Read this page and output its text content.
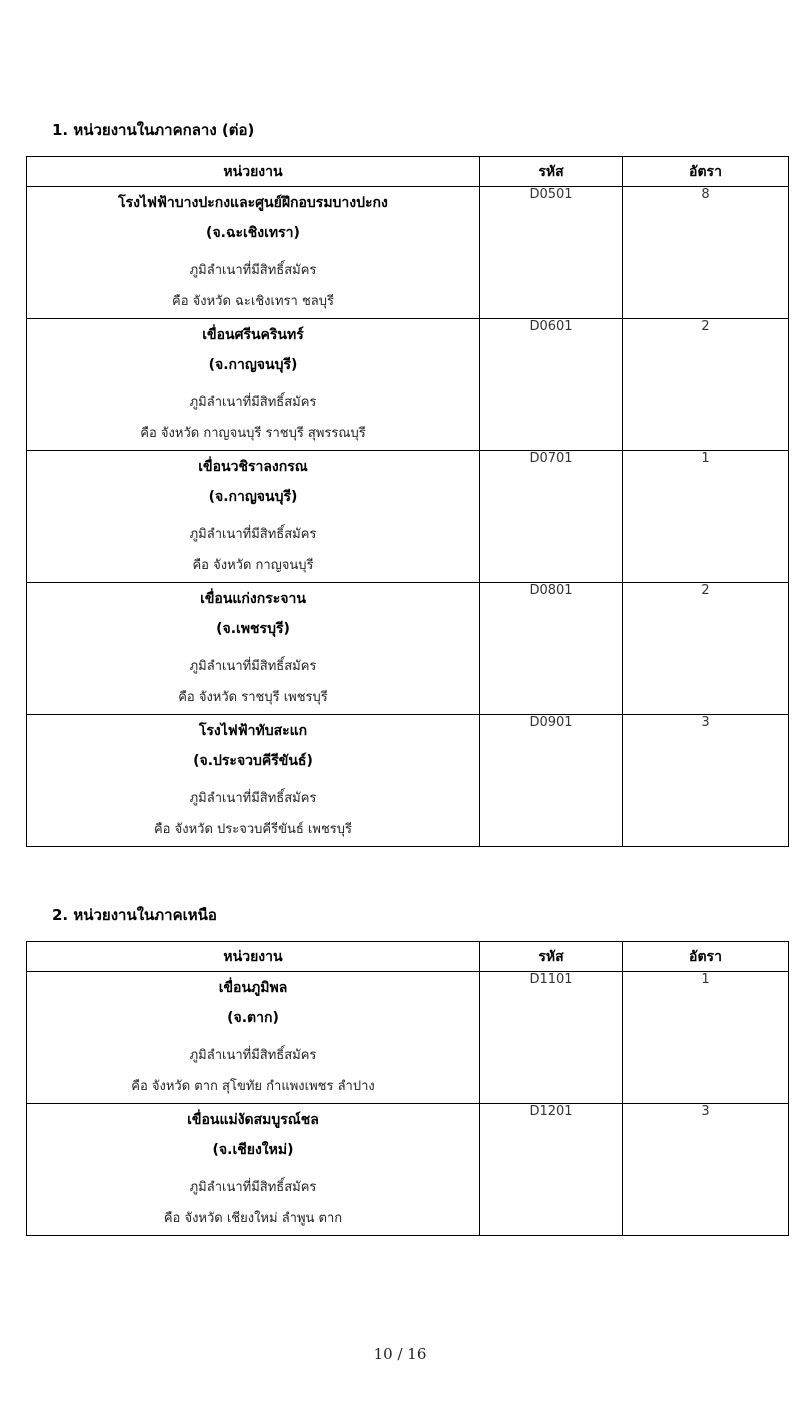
1. หน่วยงานในภาคกลาง (ต่อ)
หน่วยงาน	รหัส	อัตรา

โรงไฟฟ้าบางปะกงและศูนย์ฝึกอบรมบางปะกง
(จ.ฉะเชิงเทรา)
ภูมิลำเนาที่มีสิทธิ์สมัคร
คือ จังหวัด ฉะเชิงเทรา ชลบุรี	D0501	8

เขื่อนศรีนครินทร์
(จ.กาญจนบุรี)
ภูมิลำเนาที่มีสิทธิ์สมัคร
คือ จังหวัด กาญจนบุรี ราชบุรี สุพรรณบุรี	D0601	2

เขื่อนวชิราลงกรณ
(จ.กาญจนบุรี)
ภูมิลำเนาที่มีสิทธิ์สมัคร
คือ จังหวัด กาญจนบุรี	D0701	1

เขื่อนแก่งกระจาน
(จ.เพชรบุรี)
ภูมิลำเนาที่มีสิทธิ์สมัคร
คือ จังหวัด ราชบุรี เพชรบุรี	D0801	2

โรงไฟฟ้าทับสะแก
(จ.ประจวบคีรีขันธ์)
ภูมิลำเนาที่มีสิทธิ์สมัคร
คือ จังหวัด ประจวบคีรีขันธ์ เพชรบุรี	D0901	3
2. หน่วยงานในภาคเหนือ
หน่วยงาน	รหัส	อัตรา

เขื่อนภูมิพล
(จ.ตาก)
ภูมิลำเนาที่มีสิทธิ์สมัคร
คือ จังหวัด ตาก สุโขทัย กำแพงเพชร ลำปาง	D1101	1

เขื่อนแม่งัดสมบูรณ์ชล
(จ.เชียงใหม่)
ภูมิลำเนาที่มีสิทธิ์สมัคร
คือ จังหวัด เชียงใหม่ ลำพูน ตาก	D1201	3
10 / 16
